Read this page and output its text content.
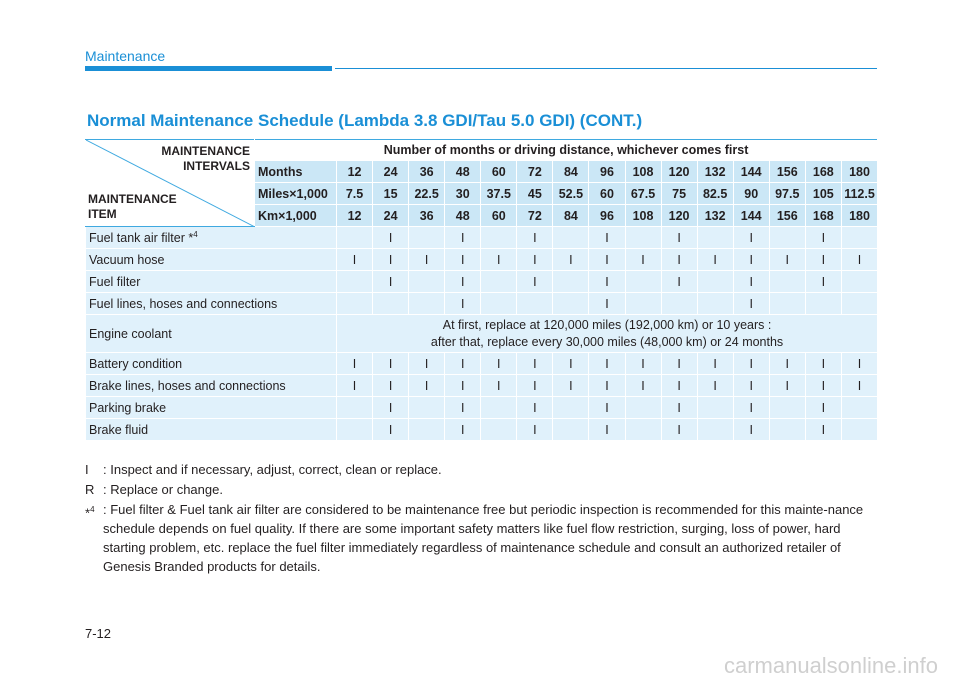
Maintenance
Normal Maintenance Schedule (Lambda 3.8 GDI/Tau 5.0 GDI) (CONT.)
MAINTENANCE
INTERVALS
MAINTENANCE
ITEM	Number of months or driving distance, whichever comes first															
	Months	12	24	36	48	60	72	84	96	108	120	132	144	156	168	180
	Miles×1,000	7.5	15	22.5	30	37.5	45	52.5	60	67.5	75	82.5	90	97.5	105	112.5
	Km×1,000	12	24	36	48	60	72	84	96	108	120	132	144	156	168	180
Fuel tank air filter *$^4$			I		I		I		I		I		I		I	
Vacuum hose		I	I	I	I	I	I	I	I	I	I	I	I	I	I	I
Fuel filter			I		I		I		I		I		I		I	
Fuel lines, hoses and connections					I				I				I			
Engine coolant		At first, replace at 120,000 miles (192,000 km) or 10 years :
after that, replace every 30,000 miles (48,000 km) or 24 months														

Battery condition		I	I	I	I	I	I	I	I	I	I	I	I	I	I	I
Brake lines, hoses and connections		I	I	I	I	I	I	I	I	I	I	I	I	I	I	I
Parking brake			I		I		I		I		I		I		I	
Brake fluid			I		I		I		I		I		I		I	
I : Inspect and if necessary, adjust, correct, clean or replace.
R : Replace or change.
*$^4$ : Fuel filter & Fuel tank air filter are considered to be maintenance free but periodic inspection is recommended for this mainte-nance schedule depends on fuel quality. If there are some important safety matters like fuel flow restriction, surging, loss of power, hard starting problem, etc. replace the fuel filter immediately regardless of maintenance schedule and consult an authorized retailer of Genesis Branded products for details.
7-12
carmanualsonline.info
